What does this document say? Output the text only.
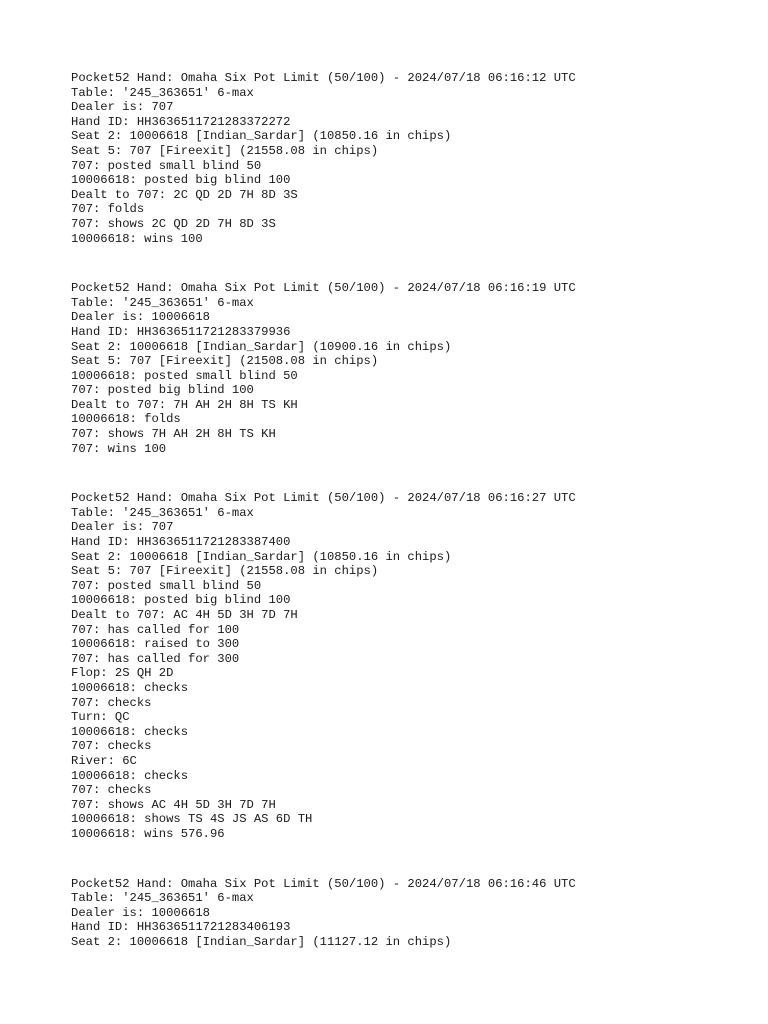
Pocket52 Hand: Omaha Six Pot Limit (50/100) - 2024/07/18 06:16:12 UTC
Table: '245_363651' 6-max
Dealer is: 707
Hand ID: HH3636511721283372272
Seat 2: 10006618 [Indian_Sardar] (10850.16 in chips)
Seat 5: 707 [Fireexit] (21558.08 in chips)
707: posted small blind 50
10006618: posted big blind 100
Dealt to 707: 2C QD 2D 7H 8D 3S
707: folds
707: shows 2C QD 2D 7H 8D 3S
10006618: wins 100
Pocket52 Hand: Omaha Six Pot Limit (50/100) - 2024/07/18 06:16:19 UTC
Table: '245_363651' 6-max
Dealer is: 10006618
Hand ID: HH3636511721283379936
Seat 2: 10006618 [Indian_Sardar] (10900.16 in chips)
Seat 5: 707 [Fireexit] (21508.08 in chips)
10006618: posted small blind 50
707: posted big blind 100
Dealt to 707: 7H AH 2H 8H TS KH
10006618: folds
707: shows 7H AH 2H 8H TS KH
707: wins 100
Pocket52 Hand: Omaha Six Pot Limit (50/100) - 2024/07/18 06:16:27 UTC
Table: '245_363651' 6-max
Dealer is: 707
Hand ID: HH3636511721283387400
Seat 2: 10006618 [Indian_Sardar] (10850.16 in chips)
Seat 5: 707 [Fireexit] (21558.08 in chips)
707: posted small blind 50
10006618: posted big blind 100
Dealt to 707: AC 4H 5D 3H 7D 7H
707: has called for 100
10006618: raised to 300
707: has called for 300
Flop: 2S QH 2D
10006618: checks
707: checks
Turn: QC
10006618: checks
707: checks
River: 6C
10006618: checks
707: checks
707: shows AC 4H 5D 3H 7D 7H
10006618: shows TS 4S JS AS 6D TH
10006618: wins 576.96
Pocket52 Hand: Omaha Six Pot Limit (50/100) - 2024/07/18 06:16:46 UTC
Table: '245_363651' 6-max
Dealer is: 10006618
Hand ID: HH3636511721283406193
Seat 2: 10006618 [Indian_Sardar] (11127.12 in chips)
